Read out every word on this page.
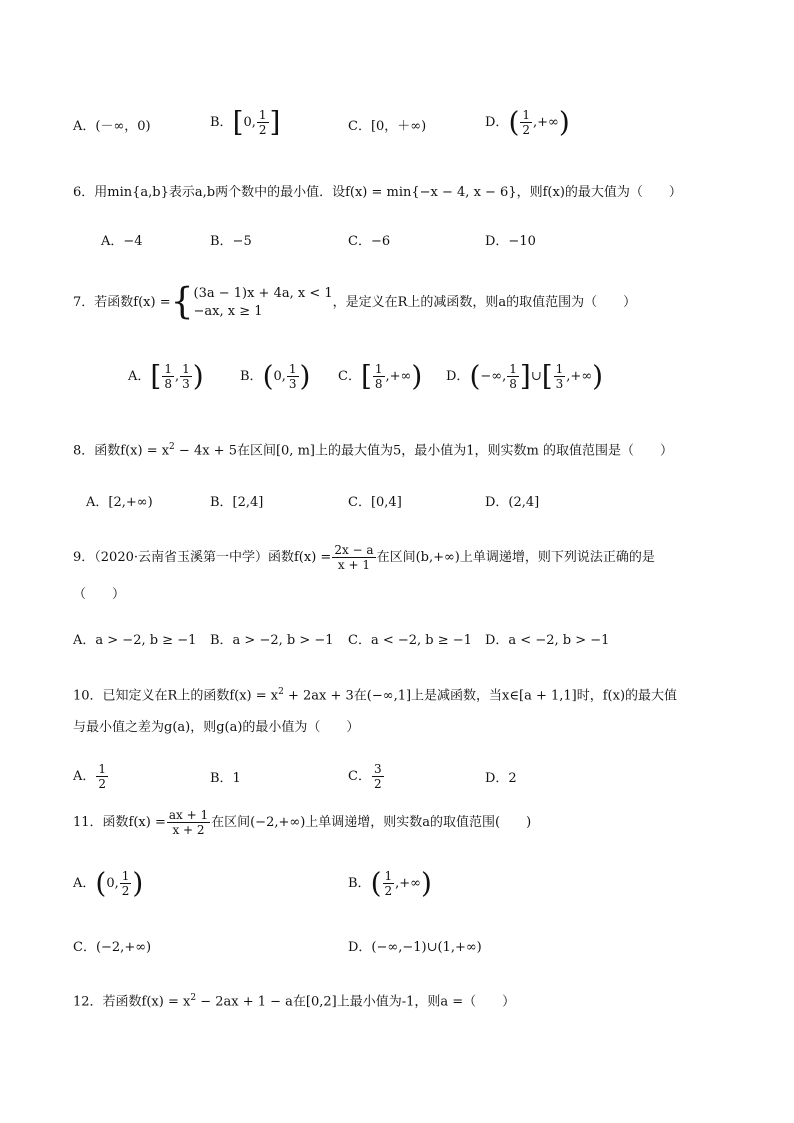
A．(－∞，0)	B．[0, $\frac{1}{2}$ ]	C．[0，＋∞)	D．( $\frac{1}{2}$ ,+∞)
6．用min{a,b}表示a,b两个数中的最小值．设f(x) = min{−x − 4, x − 6}，则f(x)的最大值为（　　）
A．−4	B．−5	C．−6	D．−10
7．若函数f(x) ={ (3a − 1)x + 4a, x < 1
−ax, x ≥ 1
，是定义在R上的减函数，则a的取值范围为（　　）
A．[ $\frac{1}{8}$ , $\frac{1}{3}$ )	B．(0, $\frac{1}{3}$ ) C．[ $\frac{1}{8}$ ,+∞) D．(−∞, $\frac{1}{8}$ ]∪[ $\frac{1}{3}$ ,+∞)
8．函数$f(x) = x^2 - 4x + 5$在区间[0, m]上的最大值为5，最小值为1，则实数m 的取值范围是（　　）
A．[2,+∞)	B．[2,4]	C．[0,4]	D．(2,4]
9．（2020·云南省玉溪第一中学）函数$f(x) = \frac{2x - a}{x + 1}$ 在区间(b,+∞)上单调递增，则下列说法正确的是
（　　）
A．a > −2, b ≥ −1 B．a > −2, b > −1 C．a < −2, b ≥ −1 D．a < −2, b > −1
10．已知定义在R上的函数$f(x) = x^2 + 2ax + 3$在(−∞,1]上是减函数，当x∈[a + 1,1]时，f(x)的最大值
与最小值之差为g(a)，则g(a)的最小值为（　　）
A． $\frac{1}{2}$	B．1	C． $\frac{3}{2}$	D．2
11．函数$f(x) = \frac{ax + 1}{x + 2}$ 在区间(−2,+∞)上单调递增，则实数a的取值范围(　　)
A．(0, $\frac{1}{2}$ )	B．( $\frac{1}{2}$ ,+∞)
C．(−2,+∞)	D．(−∞,−1)∪(1,+∞)
12．若函数$f(x) = x^2 - 2ax + 1 - a$在[0,2]上最小值为-1，则a =（　　）
